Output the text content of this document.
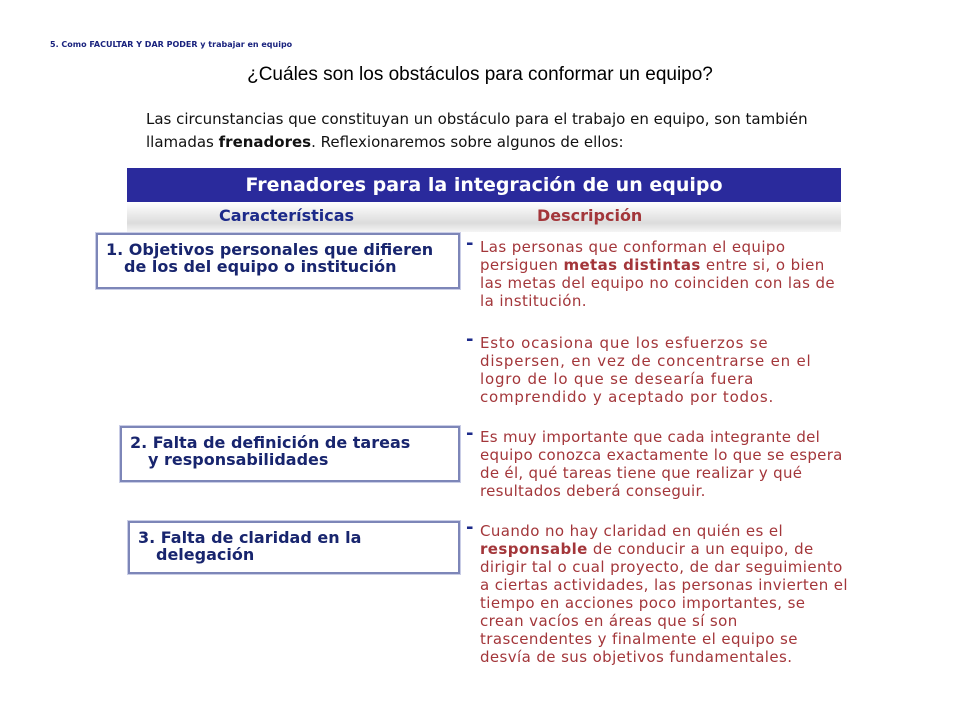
5. Como FACULTAR Y DAR PODER y trabajar en equipo
¿Cuáles son los obstáculos para conformar un equipo?
Las circunstancias que constituyan un obstáculo para el trabajo en equipo, son también llamadas frenadores. Reflexionaremos sobre algunos de ellos:
Frenadores para la integración de un equipo
Características	Descripción
1. Objetivos personales que difieren
de los del equipo o institución
- Las personas que conforman el equipo persiguen metas distintas entre si, o bien las metas del equipo no coinciden con las de la institución.
- Esto ocasiona que los esfuerzos se dispersen, en vez de concentrarse en el logro de lo que se desearía fuera comprendido y aceptado por todos.
2. Falta de definición de tareas
y responsabilidades
- Es muy importante que cada integrante del equipo conozca exactamente lo que se espera de él, qué tareas tiene que realizar y qué resultados deberá conseguir.
3. Falta de claridad en la
delegación
- Cuando no hay claridad en quién es el responsable de conducir a un equipo, de dirigir tal o cual proyecto, de dar seguimiento a ciertas actividades, las personas invierten el tiempo en acciones poco importantes, se crean vacíos en áreas que sí son trascendentes y finalmente el equipo se desvía de sus objetivos fundamentales.
